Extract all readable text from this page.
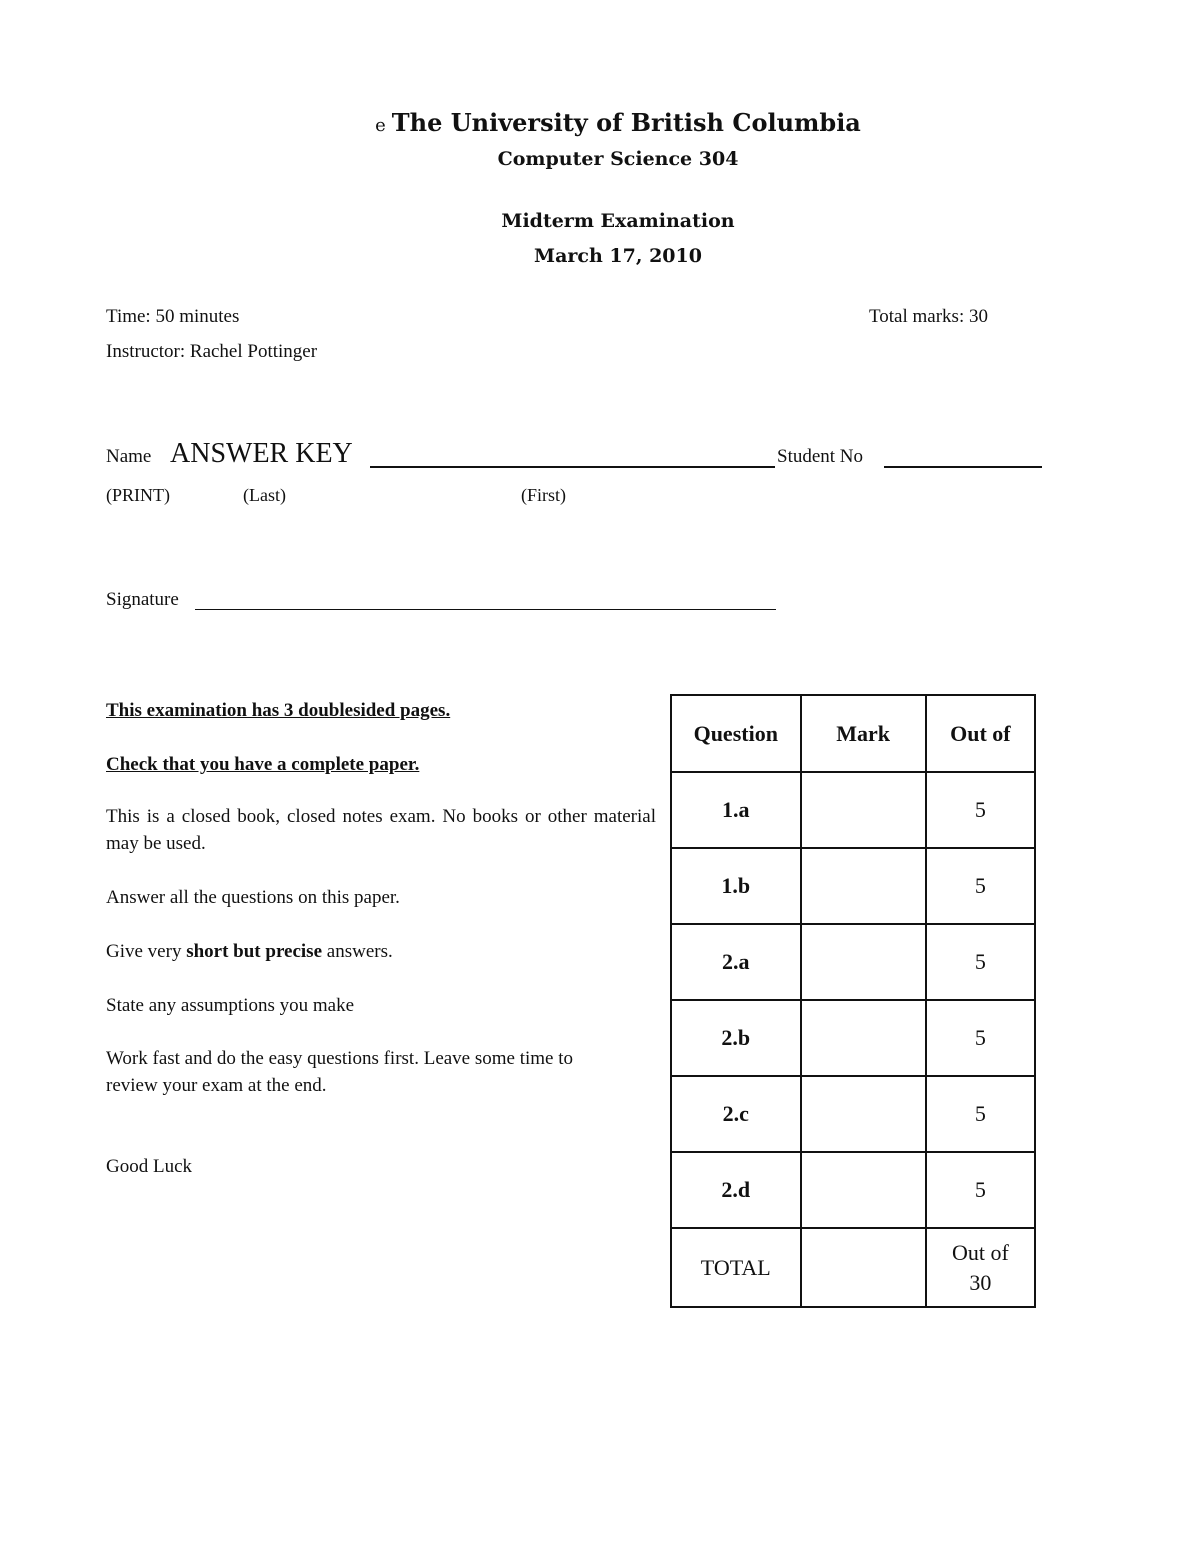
e The University of British Columbia
Computer Science 304
Midterm Examination
March 17, 2010
Time: 50 minutes	Total marks: 30
Instructor: Rachel Pottinger
Name ANSWER KEY	Student No
(PRINT)	(Last)	(First)
Signature
This examination has 3 doublesided pages.
Check that you have a complete paper.
This is a closed book, closed notes exam. No books or other material may be used.
Answer all the questions on this paper.
Give very short but precise answers.
State any assumptions you make
Work fast and do the easy questions first. Leave some time to review your exam at the end.
Good Luck
Question	Mark	Out of
1.a		5
1.b		5
2.a		5
2.b		5
2.c		5
2.d		5
TOTAL		Out of
30
